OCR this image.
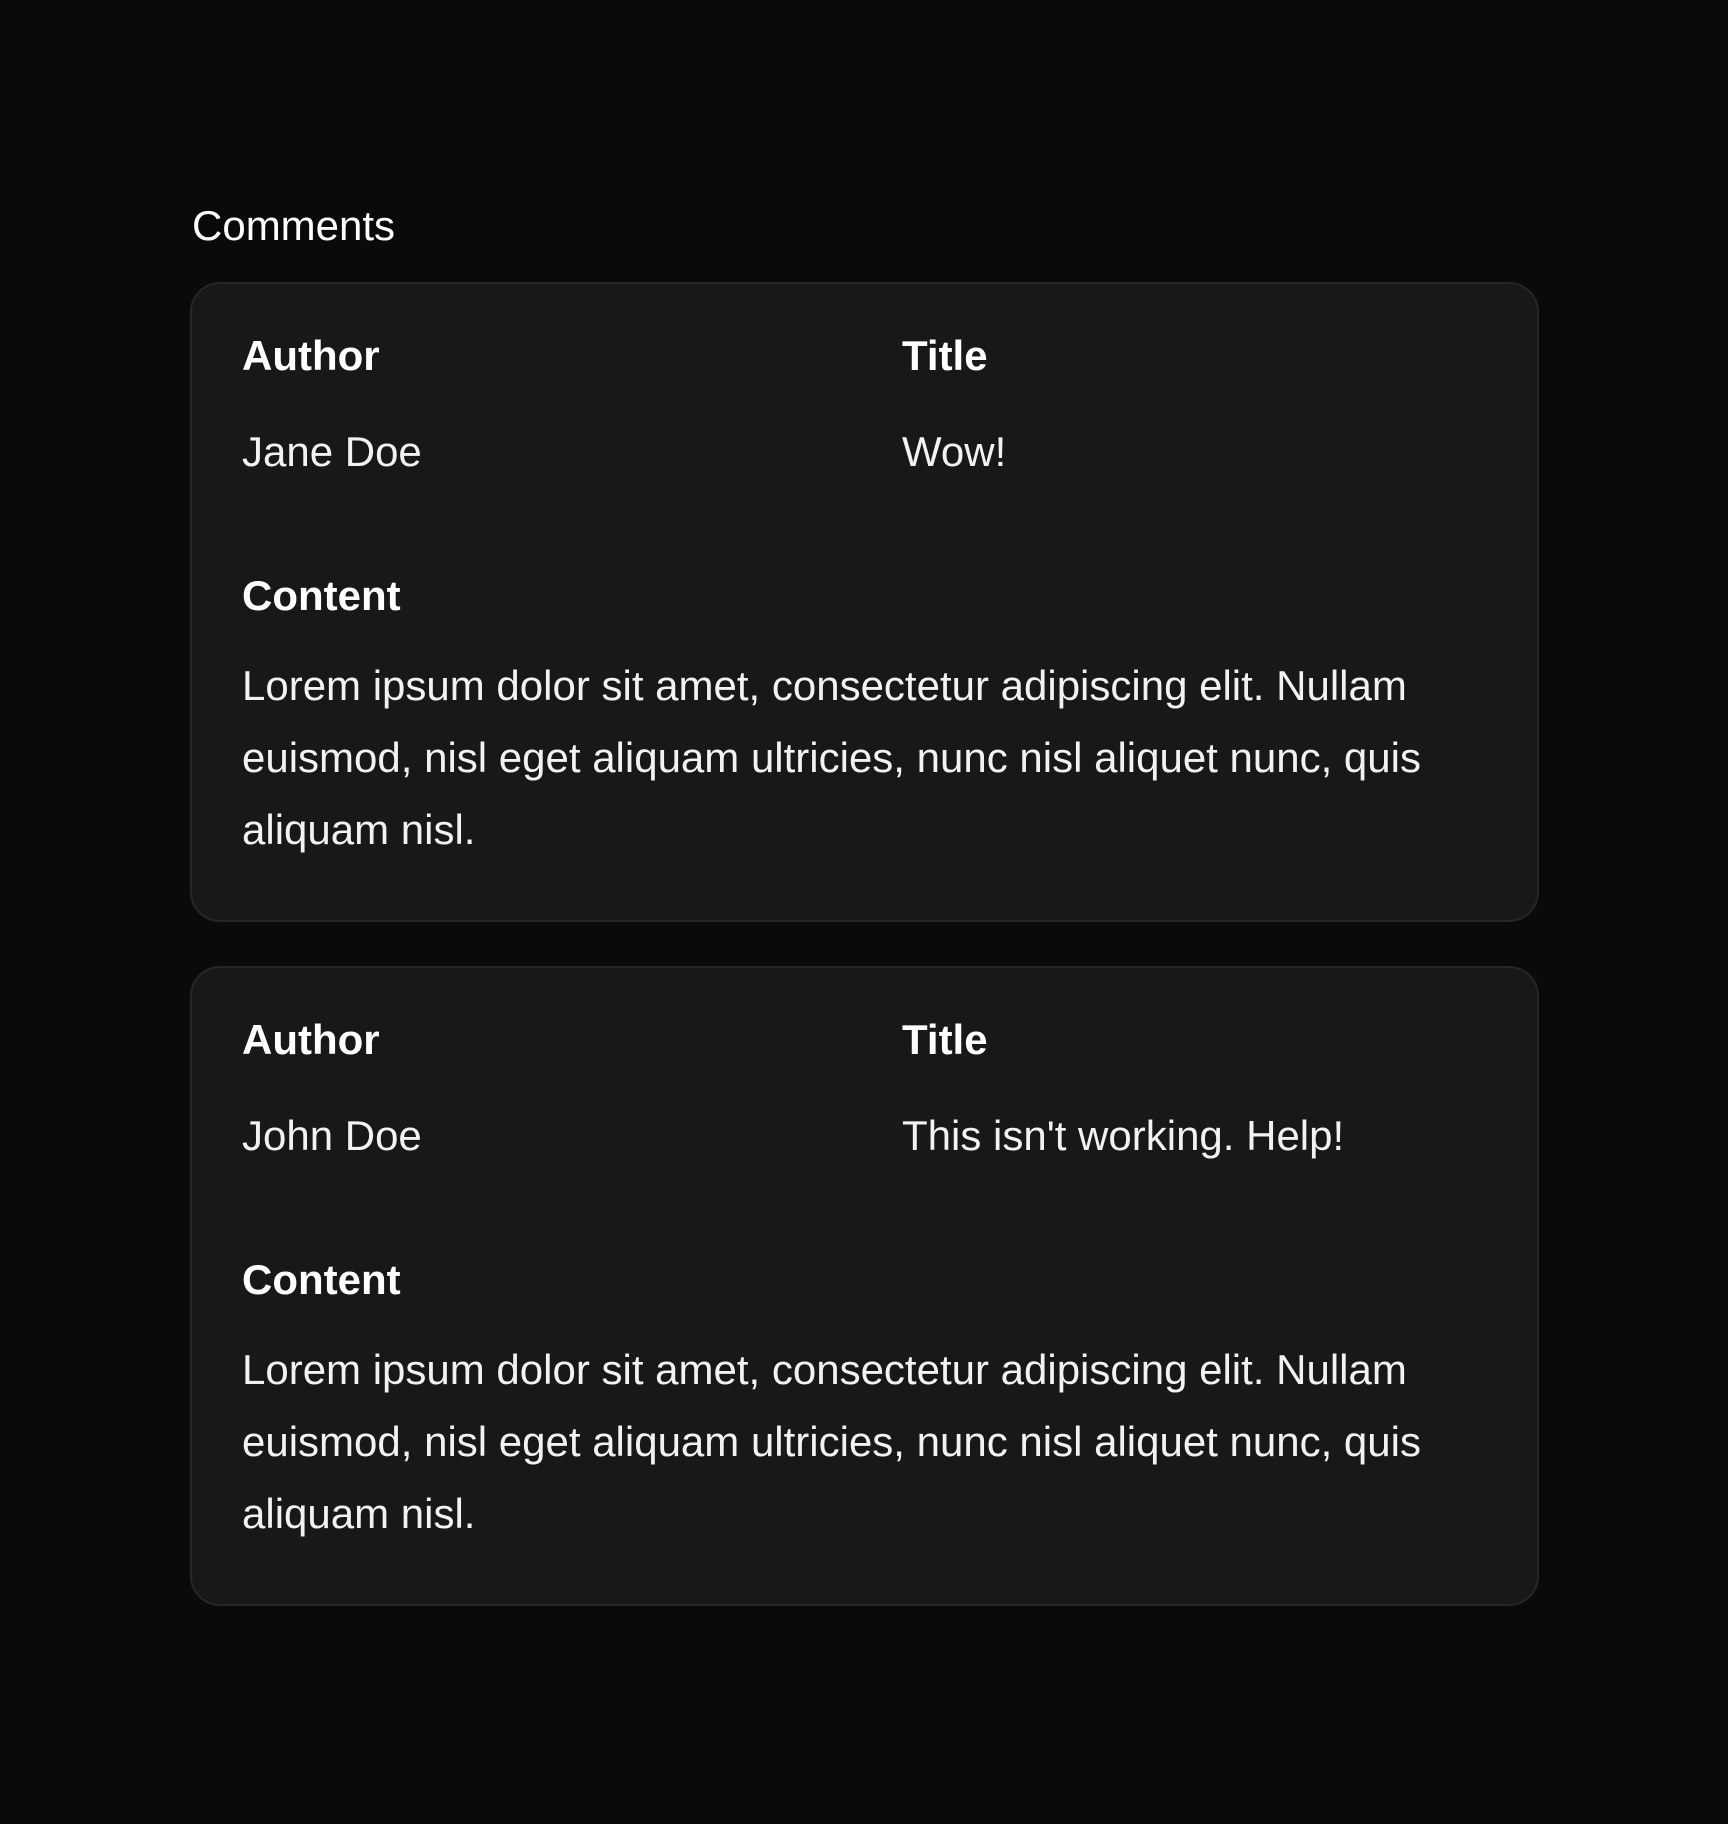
Comments
Author
Jane Doe
Title
Wow!
Content
Lorem ipsum dolor sit amet, consectetur adipiscing elit. Nullam euismod, nisl eget aliquam ultricies, nunc nisl aliquet nunc, quis aliquam nisl.
Author
John Doe
Title
This isn't working. Help!
Content
Lorem ipsum dolor sit amet, consectetur adipiscing elit. Nullam euismod, nisl eget aliquam ultricies, nunc nisl aliquet nunc, quis aliquam nisl.
